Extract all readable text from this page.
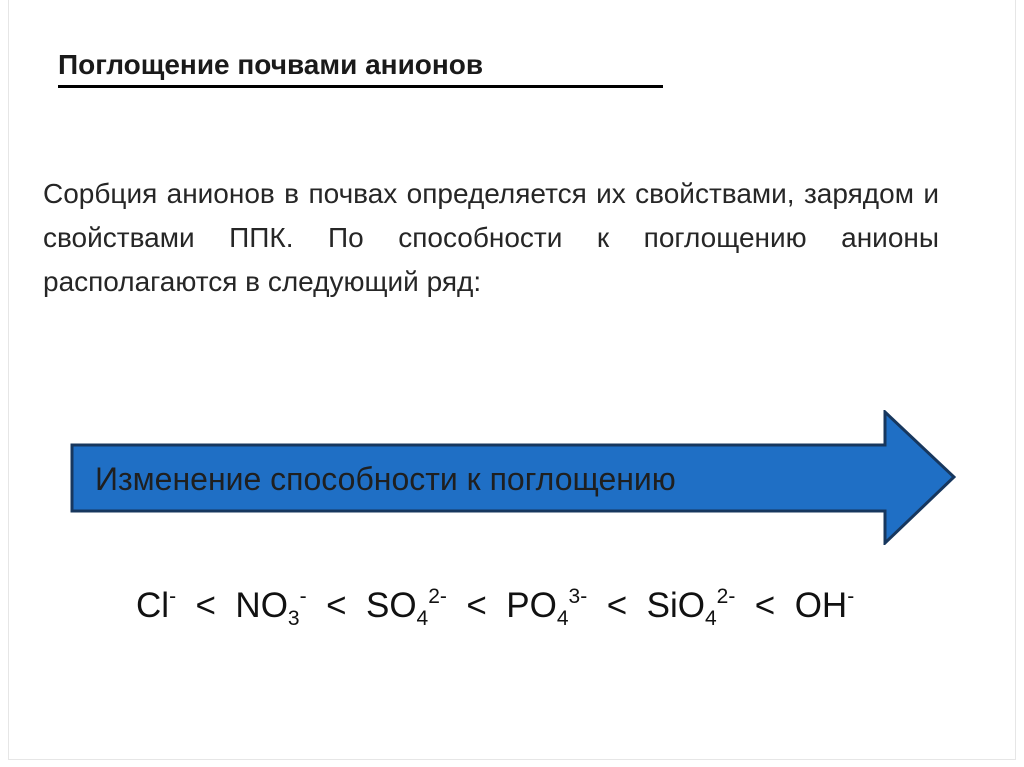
Поглощение почвами анионов

Сорбция анионов в почвах определяется их свойствами, зарядом и свойствами ППК. По способности к поглощению анионы располагаются в следующий ряд:

Изменение способности к поглощению
$Cl^- < NO_3^- < SO_4^{2-} < PO_4^{3-} < SiO_4^{2-} < OH^-$
